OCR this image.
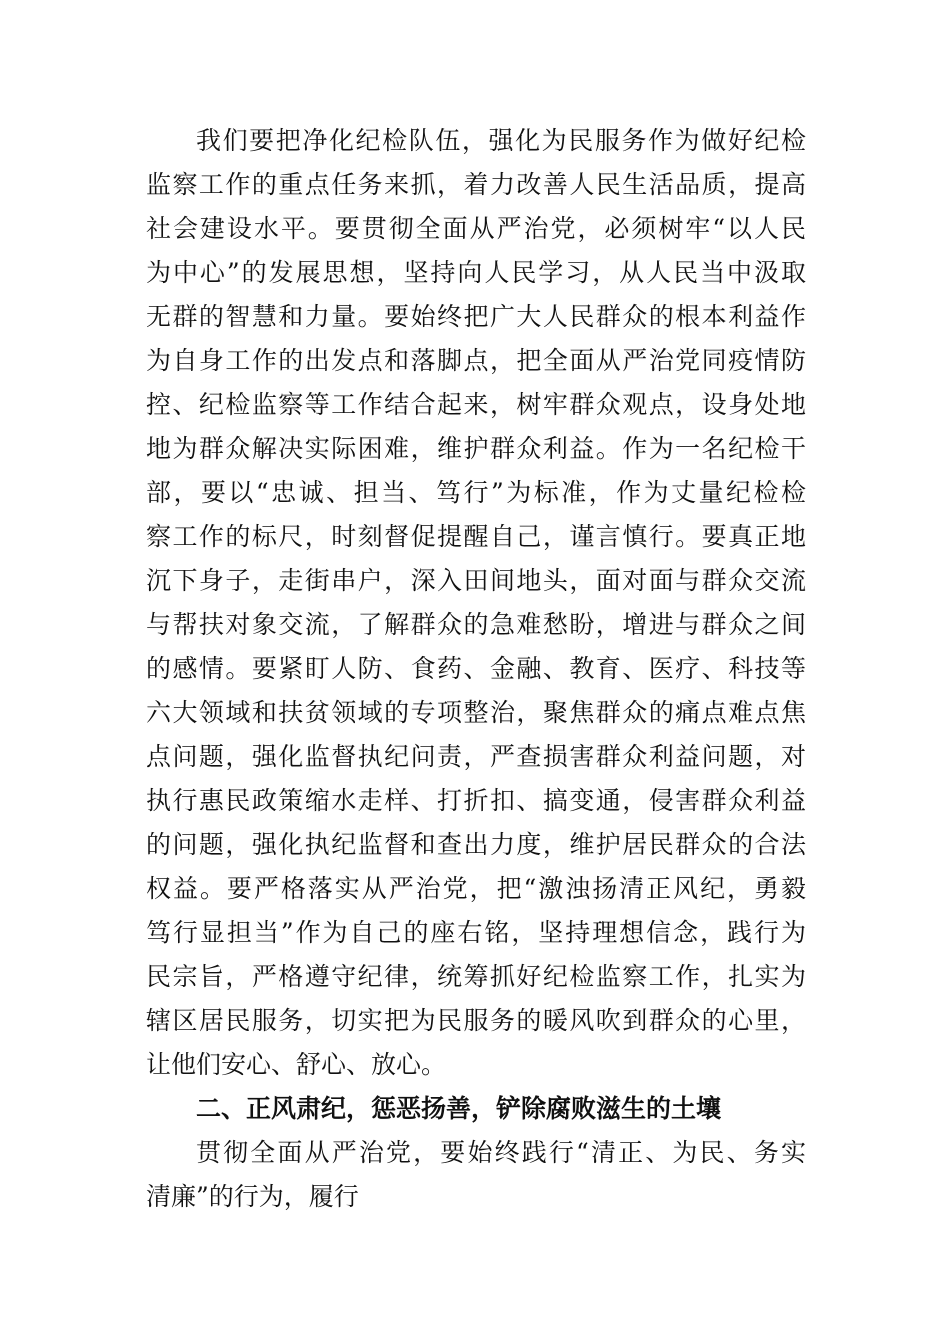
我们要把净化纪检队伍，强化为民服务作为做好纪检
监察工作的重点任务来抓，着力改善人民生活品质，提高
社会建设水平。要贯彻全面从严治党，必须树牢“以人民
为中心”的发展思想，坚持向人民学习，从人民当中汲取
无群的智慧和力量。要始终把广大人民群众的根本利益作
为自身工作的出发点和落脚点，把全面从严治党同疫情防
控、纪检监察等工作结合起来，树牢群众观点，设身处地
地为群众解决实际困难，维护群众利益。作为一名纪检干
部，要以“忠诚、担当、笃行”为标准，作为丈量纪检检
察工作的标尺，时刻督促提醒自己，谨言慎行。要真正地
沉下身子，走街串户，深入田间地头，面对面与群众交流
与帮扶对象交流，了解群众的急难愁盼，增进与群众之间
的感情。要紧盯人防、食药、金融、教育、医疗、科技等
六大领域和扶贫领域的专项整治，聚焦群众的痛点难点焦
点问题，强化监督执纪问责，严查损害群众利益问题，对
执行惠民政策缩水走样、打折扣、搞变通，侵害群众利益
的问题，强化执纪监督和查出力度，维护居民群众的合法
权益。要严格落实从严治党，把“激浊扬清正风纪，勇毅
笃行显担当”作为自己的座右铭，坚持理想信念，践行为
民宗旨，严格遵守纪律，统筹抓好纪检监察工作，扎实为
辖区居民服务，切实把为民服务的暖风吹到群众的心里，
让他们安心、舒心、放心。
二、正风肃纪，惩恶扬善，铲除腐败滋生的土壤
贯彻全面从严治党，要始终践行“清正、为民、务实
清廉”的行为，履行
